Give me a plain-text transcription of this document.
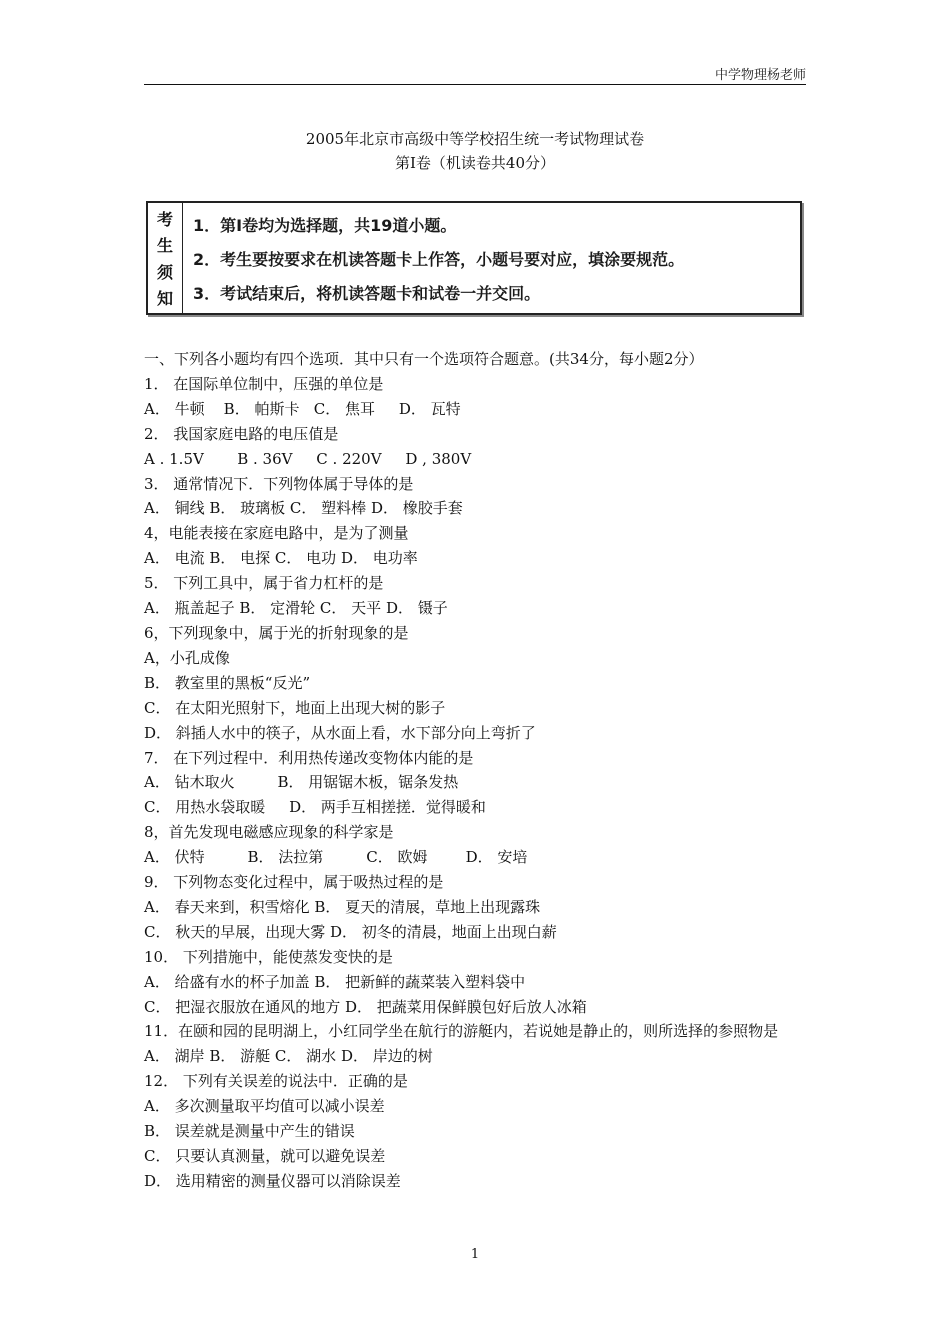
中学物理杨老师
2005年北京市高级中等学校招生统一考试物理试卷
第I卷（机读卷共40分）
考
生
须
知
1．第Ⅰ卷均为选择题，共19道小题。
2．考生要按要求在机读答题卡上作答，小题号要对应，填涂要规范。
3．考试结束后，将机读答题卡和试卷一并交回。
一、下列各小题均有四个选项．其中只有一个选项符合题意。(共34分，每小题2分）
1． 在国际单位制中，压强的单位是
A． 牛顿    B． 帕斯卡   C． 焦耳     D． 瓦特
2． 我国家庭电路的电压值是
A . 1.5V       B . 36V     C . 220V     D , 380V
3． 通常情况下．下列物体属于导体的是
A． 铜线 B． 玻璃板 C． 塑料棒 D． 橡胶手套
4，电能表接在家庭电路中，是为了测量
A． 电流 B． 电探 C． 电功 D． 电功率
5． 下列工具中，属于省力杠杆的是
A． 瓶盖起子 B． 定滑轮 C． 天平 D． 镊子
6，下列现象中，属于光的折射现象的是
A，小孔成像
B． 教室里的黑板“反光”
C． 在太阳光照射下，地面上出现大树的影子
D． 斜插人水中的筷子，从水面上看，水下部分向上弯折了
7． 在下列过程中．利用热传递改变物体内能的是
A． 钻木取火         B． 用锯锯木板，锯条发热
C． 用热水袋取暖     D． 两手互相搓搓．觉得暖和
8，首先发现电磁感应现象的科学家是
A． 伏特         B． 法拉第         C． 欧姆        D． 安培
9． 下列物态变化过程中，属于吸热过程的是
A． 春天来到，积雪熔化 B． 夏天的清展，草地上出现露珠
C． 秋天的早展，出现大雾 D． 初冬的清晨，地面上出现白薪
10． 下列措施中，能使蒸发变快的是
A． 给盛有水的杯子加盖 B． 把新鲜的蔬菜装入塑料袋中
C． 把湿衣服放在通风的地方 D． 把蔬菜用保鲜膜包好后放人冰箱
11．在颐和园的昆明湖上，小红同学坐在航行的游艇内，若说她是静止的，则所选择的参照物是
A． 湖岸 B． 游艇 C． 湖水 D． 岸边的树
12． 下列有关误差的说法中．正确的是
A． 多次测量取平均值可以减小误差
B． 误差就是测量中产生的错误
C． 只要认真测量，就可以避免误差
D． 选用精密的测量仪器可以消除误差
1
